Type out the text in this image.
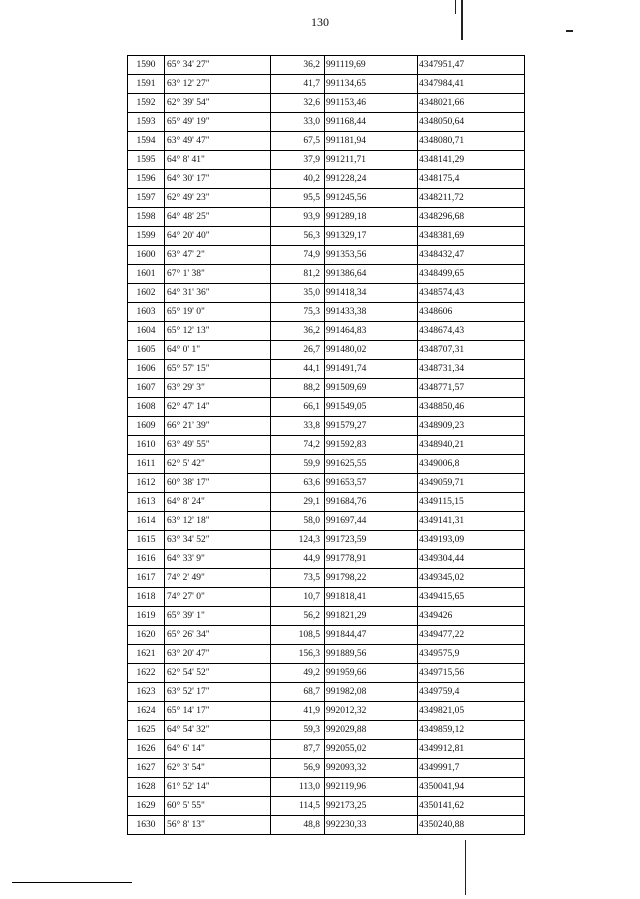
130
1590	65° 34' 27"	36,2	991119,69	4347951,47
1591	63° 12' 27"	41,7	991134,65	4347984,41
1592	62° 39' 54"	32,6	991153,46	4348021,66
1593	65° 49' 19"	33,0	991168,44	4348050,64
1594	63° 49' 47"	67,5	991181,94	4348080,71
1595	64° 8' 41"	37,9	991211,71	4348141,29
1596	64° 30' 17"	40,2	991228,24	4348175,4
1597	62° 49' 23"	95,5	991245,56	4348211,72
1598	64° 48' 25"	93,9	991289,18	4348296,68
1599	64° 20' 40"	56,3	991329,17	4348381,69
1600	63° 47' 2"	74,9	991353,56	4348432,47
1601	67° 1' 38"	81,2	991386,64	4348499,65
1602	64° 31' 36"	35,0	991418,34	4348574,43
1603	65° 19' 0"	75,3	991433,38	4348606
1604	65° 12' 13"	36,2	991464,83	4348674,43
1605	64° 0' 1"	26,7	991480,02	4348707,31
1606	65° 57' 15"	44,1	991491,74	4348731,34
1607	63° 29' 3"	88,2	991509,69	4348771,57
1608	62° 47' 14"	66,1	991549,05	4348850,46
1609	66° 21' 39"	33,8	991579,27	4348909,23
1610	63° 49' 55"	74,2	991592,83	4348940,21
1611	62° 5' 42"	59,9	991625,55	4349006,8
1612	60° 38' 17"	63,6	991653,57	4349059,71
1613	64° 8' 24"	29,1	991684,76	4349115,15
1614	63° 12' 18"	58,0	991697,44	4349141,31
1615	63° 34' 52"	124,3	991723,59	4349193,09
1616	64° 33' 9"	44,9	991778,91	4349304,44
1617	74° 2' 49"	73,5	991798,22	4349345,02
1618	74° 27' 0"	10,7	991818,41	4349415,65
1619	65° 39' 1"	56,2	991821,29	4349426
1620	65° 26' 34"	108,5	991844,47	4349477,22
1621	63° 20' 47"	156,3	991889,56	4349575,9
1622	62° 54' 52"	49,2	991959,66	4349715,56
1623	63° 52' 17"	68,7	991982,08	4349759,4
1624	65° 14' 17"	41,9	992012,32	4349821,05
1625	64° 54' 32"	59,3	992029,88	4349859,12
1626	64° 6' 14"	87,7	992055,02	4349912,81
1627	62° 3' 54"	56,9	992093,32	4349991,7
1628	61° 52' 14"	113,0	992119,96	4350041,94
1629	60° 5' 55"	114,5	992173,25	4350141,62
1630	56° 8' 13"	48,8	992230,33	4350240,88
